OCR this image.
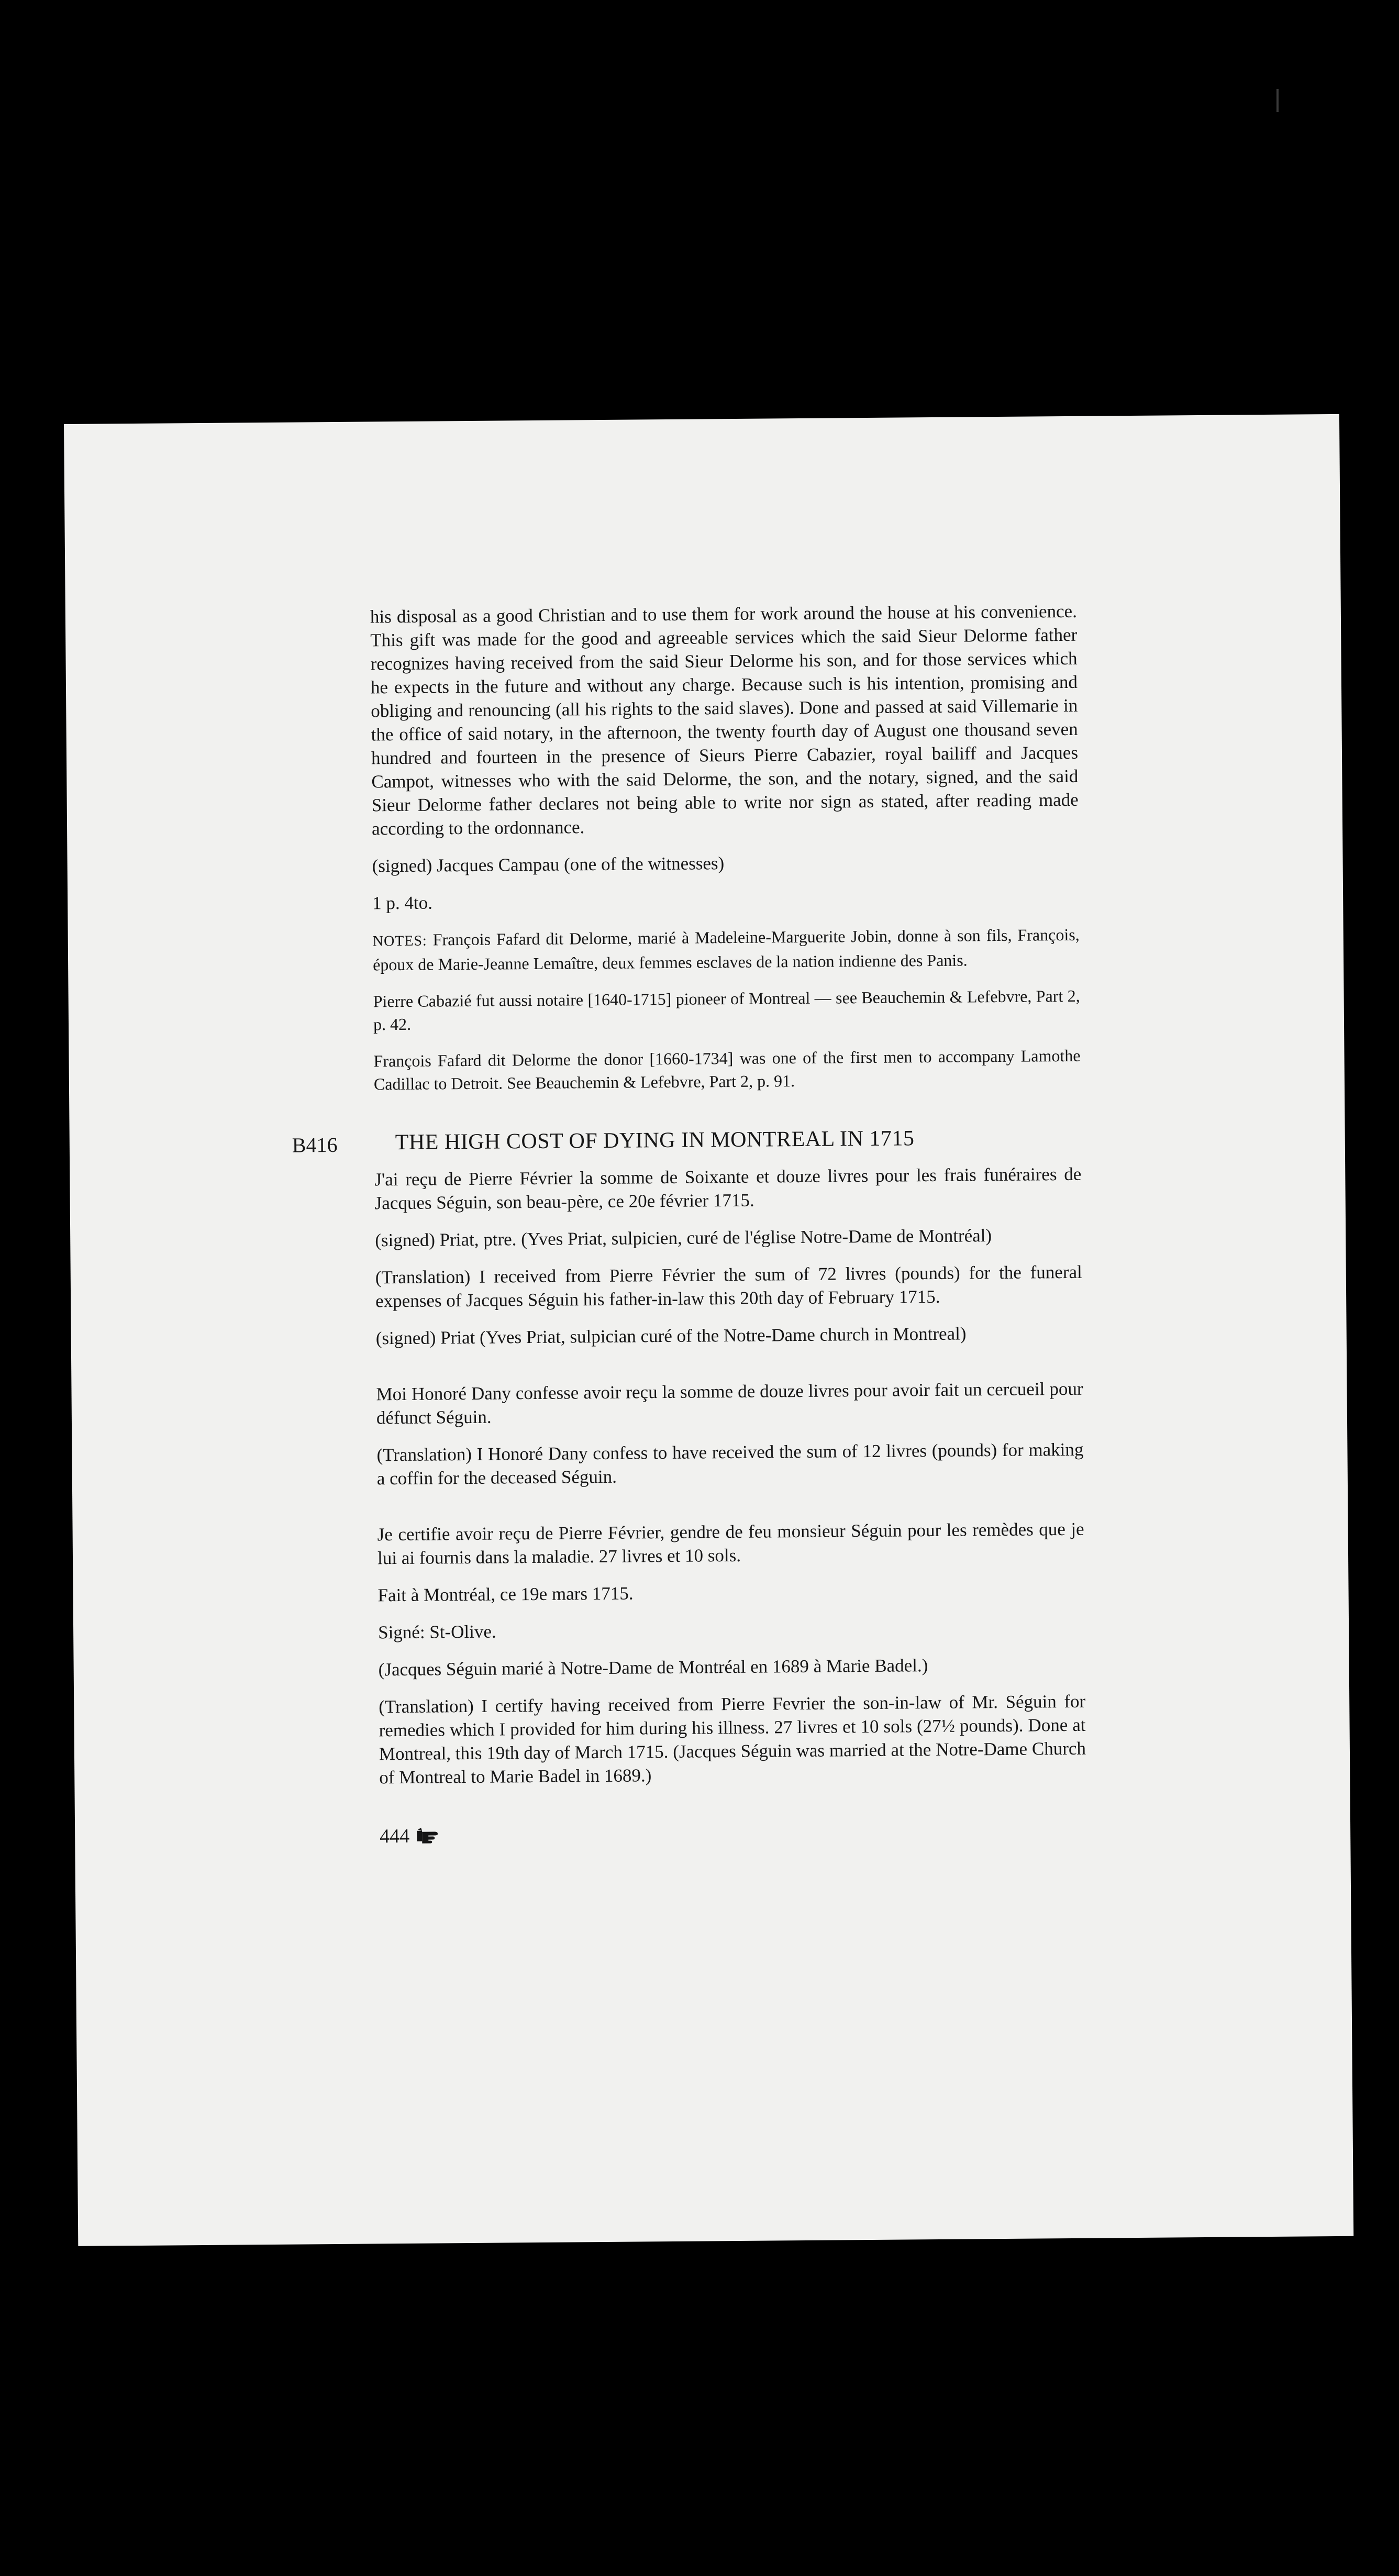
his disposal as a good Christian and to use them for work around the house at his convenience. This gift was made for the good and agreeable services which the said Sieur Delorme father recognizes having received from the said Sieur Delorme his son, and for those services which he expects in the future and without any charge. Because such is his intention, promising and obliging and renouncing (all his rights to the said slaves). Done and passed at said Villemarie in the office of said notary, in the afternoon, the twenty fourth day of August one thousand seven hundred and fourteen in the presence of Sieurs Pierre Cabazier, royal bailiff and Jacques Campot, witnesses who with the said Delorme, the son, and the notary, signed, and the said Sieur Delorme father declares not being able to write nor sign as stated, after reading made according to the ordonnance.

(signed) Jacques Campau (one of the witnesses)

1 p. 4to.

NOTES: François Fafard dit Delorme, marié à Madeleine-Marguerite Jobin, donne à son fils, François, époux de Marie-Jeanne Lemaître, deux femmes esclaves de la nation indienne des Panis.

Pierre Cabazié fut aussi notaire [1640-1715] pioneer of Montreal — see Beauchemin & Lefebvre, Part 2, p. 42.

François Fafard dit Delorme the donor [1660-1734] was one of the first men to accompany Lamothe Cadillac to Detroit. See Beauchemin & Lefebvre, Part 2, p. 91.

B416	THE HIGH COST OF DYING IN MONTREAL IN 1715

J'ai reçu de Pierre Février la somme de Soixante et douze livres pour les frais funéraires de Jacques Séguin, son beau-père, ce 20e février 1715.

(signed) Priat, ptre. (Yves Priat, sulpicien, curé de l'église Notre-Dame de Montréal)

(Translation) I received from Pierre Février the sum of 72 livres (pounds) for the funeral expenses of Jacques Séguin his father-in-law this 20th day of February 1715.

(signed) Priat (Yves Priat, sulpician curé of the Notre-Dame church in Montreal)

Moi Honoré Dany confesse avoir reçu la somme de douze livres pour avoir fait un cercueil pour défunct Séguin.

(Translation) I Honoré Dany confess to have received the sum of 12 livres (pounds) for making a coffin for the deceased Séguin.

Je certifie avoir reçu de Pierre Février, gendre de feu monsieur Séguin pour les remèdes que je lui ai fournis dans la maladie. 27 livres et 10 sols.

Fait à Montréal, ce 19e mars 1715.

Signé: St-Olive.

(Jacques Séguin marié à Notre-Dame de Montréal en 1689 à Marie Badel.)

(Translation) I certify having received from Pierre Fevrier the son-in-law of Mr. Séguin for remedies which I provided for him during his illness. 27 livres et 10 sols (27½ pounds). Done at Montreal, this 19th day of March 1715. (Jacques Séguin was married at the Notre-Dame Church of Montreal to Marie Badel in 1689.)

444
